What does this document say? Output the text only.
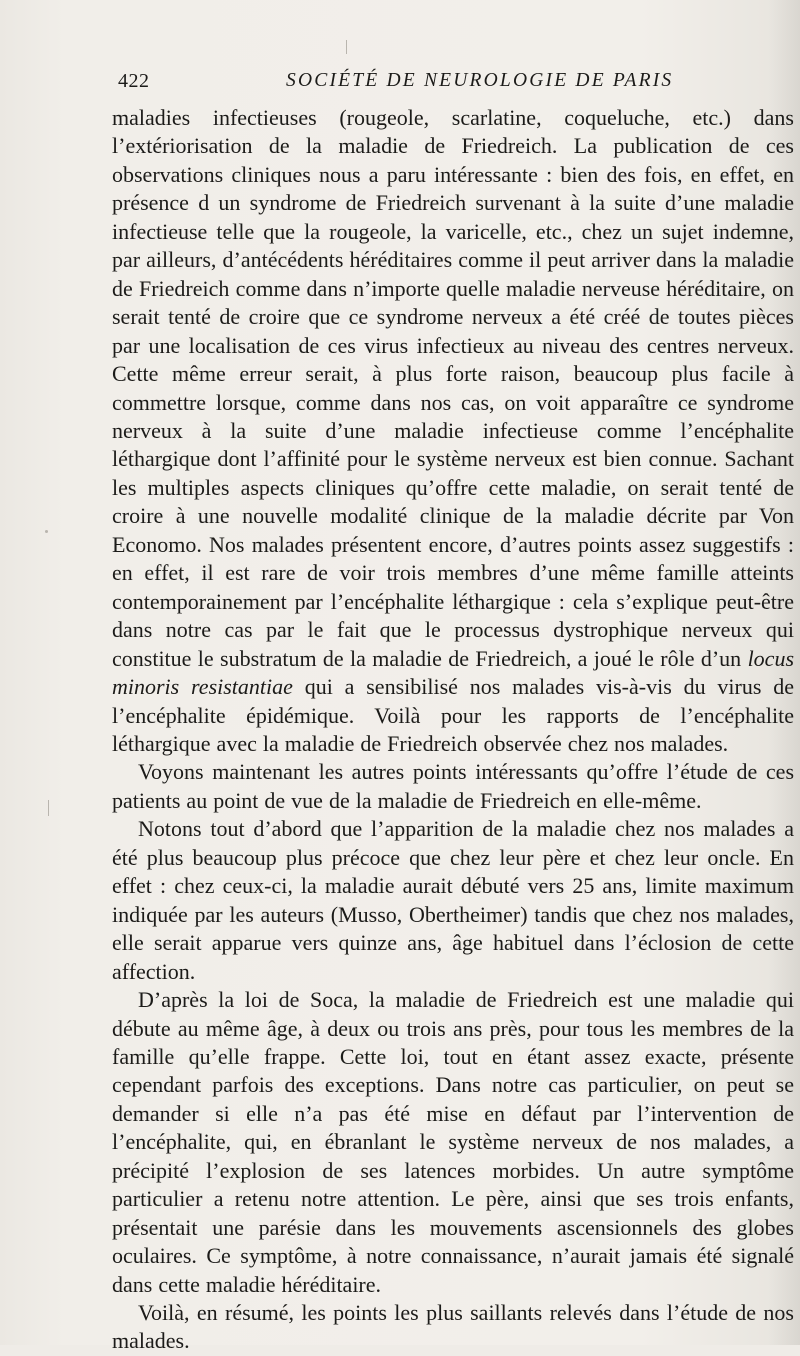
422	SOCIÉTÉ DE NEUROLOGIE DE PARIS

maladies infectieuses (rougeole, scarlatine, coqueluche, etc.) dans l’extériorisation de la maladie de Friedreich. La publication de ces observations cliniques nous a paru intéressante : bien des fois, en effet, en présence d un syndrome de Friedreich survenant à la suite d’une maladie infectieuse telle que la rougeole, la varicelle, etc., chez un sujet indemne, par ailleurs, d’antécédents héréditaires comme il peut arriver dans la maladie de Friedreich comme dans n’importe quelle maladie nerveuse héréditaire, on serait tenté de croire que ce syndrome nerveux a été créé de toutes pièces par une localisation de ces virus infectieux au niveau des centres nerveux. Cette même erreur serait, à plus forte raison, beaucoup plus facile à commettre lorsque, comme dans nos cas, on voit apparaître ce syndrome nerveux à la suite d’une maladie infectieuse comme l’encéphalite léthargique dont l’affinité pour le système nerveux est bien connue. Sachant les multiples aspects cliniques qu’offre cette maladie, on serait tenté de croire à une nouvelle modalité clinique de la maladie décrite par Von Economo. Nos malades présentent encore, d’autres points assez suggestifs : en effet, il est rare de voir trois membres d’une même famille atteints contemporainement par l’encéphalite léthargique : cela s’explique peut-être dans notre cas par le fait que le processus dystrophique nerveux qui constitue le substratum de la maladie de Friedreich, a joué le rôle d’un locus minoris resistantiae qui a sensibilisé nos malades vis-à-vis du virus de l’encéphalite épidémique. Voilà pour les rapports de l’encéphalite léthargique avec la maladie de Friedreich observée chez nos malades.

Voyons maintenant les autres points intéressants qu’offre l’étude de ces patients au point de vue de la maladie de Friedreich en elle-même.

Notons tout d’abord que l’apparition de la maladie chez nos malades a été plus beaucoup plus précoce que chez leur père et chez leur oncle. En effet : chez ceux-ci, la maladie aurait débuté vers 25 ans, limite maximum indiquée par les auteurs (Musso, Obertheimer) tandis que chez nos malades, elle serait apparue vers quinze ans, âge habituel dans l’éclosion de cette affection.

D’après la loi de Soca, la maladie de Friedreich est une maladie qui débute au même âge, à deux ou trois ans près, pour tous les membres de la famille qu’elle frappe. Cette loi, tout en étant assez exacte, présente cependant parfois des exceptions. Dans notre cas particulier, on peut se demander si elle n’a pas été mise en défaut par l’intervention de l’encéphalite, qui, en ébranlant le système nerveux de nos malades, a précipité l’explosion de ses latences morbides. Un autre symptôme particulier a retenu notre attention. Le père, ainsi que ses trois enfants, présentait une parésie dans les mouvements ascensionnels des globes oculaires. Ce symptôme, à notre connaissance, n’aurait jamais été signalé dans cette maladie héréditaire.

Voilà, en résumé, les points les plus saillants relevés dans l’étude de nos malades.
